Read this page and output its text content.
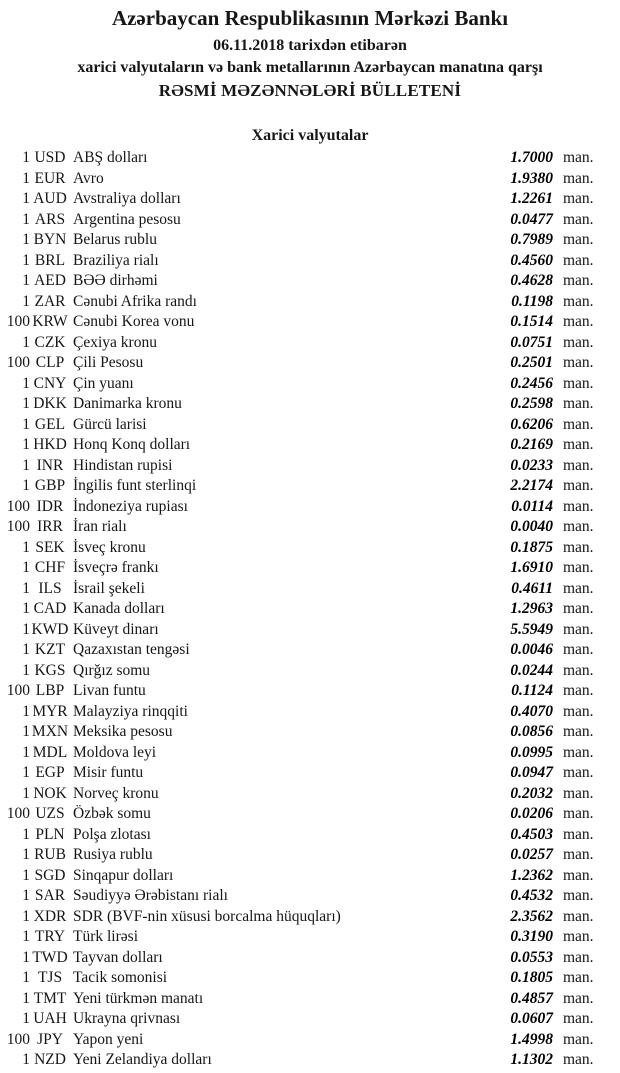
Azərbaycan Respublikasının Mərkəzi Bankı
06.11.2018 tarixdən etibarən
xarici valyutaların və bank metallarının Azərbaycan manatına qarşı
RƏSMİ MƏZƏNNƏLƏRİ BÜLLETENİ
Xarici valyutalar
1 USD ABŞ dolları	1.7000 man.
1 EUR Avro	1.9380 man.
1 AUD Avstraliya dolları	1.2261 man.
1 ARS Argentina pesosu	0.0477 man.
1 BYN Belarus rublu	0.7989 man.
1 BRL Braziliya rialı	0.4560 man.
1 AED BƏƏ dirhəmi	0.4628 man.
1 ZAR Cənubi Afrika randı	0.1198 man.
100 KRW Cənubi Korea vonu	0.1514 man.
1 CZK Çexiya kronu	0.0751 man.
100 CLP Çili Pesosu	0.2501 man.
1 CNY Çin yuanı	0.2456 man.
1 DKK Danimarka kronu	0.2598 man.
1 GEL Gürcü larisi	0.6206 man.
1 HKD Honq Konq dolları	0.2169 man.
1 INR Hindistan rupisi	0.0233 man.
1 GBP İngilis funt sterlinqi	2.2174 man.
100 IDR İndoneziya rupiası	0.0114 man.
100 IRR İran rialı	0.0040 man.
1 SEK İsveç kronu	0.1875 man.
1 CHF İsveçrə frankı	1.6910 man.
1 ILS İsrail şekeli	0.4611 man.
1 CAD Kanada dolları	1.2963 man.
1 KWD Küveyt dinarı	5.5949 man.
1 KZT Qazaxıstan tengəsi	0.0046 man.
1 KGS Qırğız somu	0.0244 man.
100 LBP Livan funtu	0.1124 man.
1 MYR Malayziya rinqqiti	0.4070 man.
1 MXN Meksika pesosu	0.0856 man.
1 MDL Moldova leyi	0.0995 man.
1 EGP Misir funtu	0.0947 man.
1 NOK Norveç kronu	0.2032 man.
100 UZS Özbək somu	0.0206 man.
1 PLN Polşa zlotası	0.4503 man.
1 RUB Rusiya rublu	0.0257 man.
1 SGD Sinqapur dolları	1.2362 man.
1 SAR Səudiyyə Ərəbistanı rialı	0.4532 man.
1 XDR SDR (BVF-nin xüsusi borcalma hüquqları)	2.3562 man.
1 TRY Türk lirəsi	0.3190 man.
1 TWD Tayvan dolları	0.0553 man.
1 TJS Tacik somonisi	0.1805 man.
1 TMT Yeni türkmən manatı	0.4857 man.
1 UAH Ukrayna qrivnası	0.0607 man.
100 JPY Yapon yeni	1.4998 man.
1 NZD Yeni Zelandiya dolları	1.1302 man.
